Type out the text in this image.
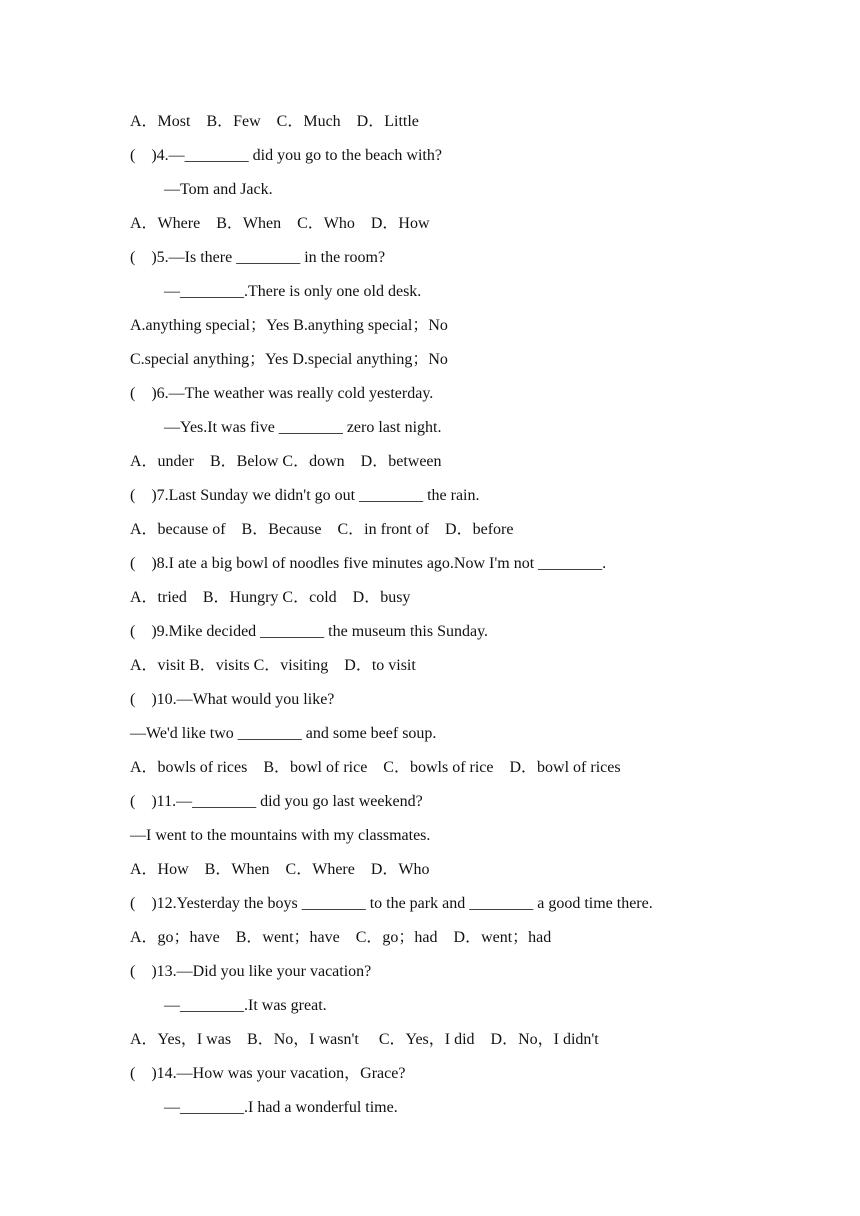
A．Most　B．Few　C．Much　D．Little
(　)4.—________ did you go to the beach with?
—Tom and Jack.
A．Where　B．When　C．Who　D．How
(　)5.—Is there ________ in the room?
—________.There is only one old desk.
A.anything special；Yes B.anything special；No
C.special anything；Yes D.special anything；No
(　)6.—The weather was really cold yesterday.
—Yes.It was five ________ zero last night.
A．under　B．Below C．down　D．between
(　)7.Last Sunday we didn't go out ________ the rain.
A．because of　B．Because　C．in front of　D．before
(　)8.I ate a big bowl of noodles five minutes ago.Now I'm not ________.
A．tried　B．Hungry C．cold　D．busy
(　)9.Mike decided ________ the museum this Sunday.
A．visit B．visits C．visiting　D．to visit
(　)10.—What would you like?
—We'd like two ________ and some beef soup.
A．bowls of rices　B．bowl of rice　C．bowls of rice　D．bowl of rices
(　)11.—________ did you go last weekend?
—I went to the mountains with my classmates.
A．How　B．When　C．Where　D．Who
(　)12.Yesterday the boys ________ to the park and ________ a good time there.
A．go；have　B．went；have　C．go；had　D．went；had
(　)13.—Did you like your vacation?
—________.It was great.
A．Yes，I was　B．No，I wasn't　 C．Yes，I did　D．No，I didn't
(　)14.—How was your vacation，Grace?
—________.I had a wonderful time.
